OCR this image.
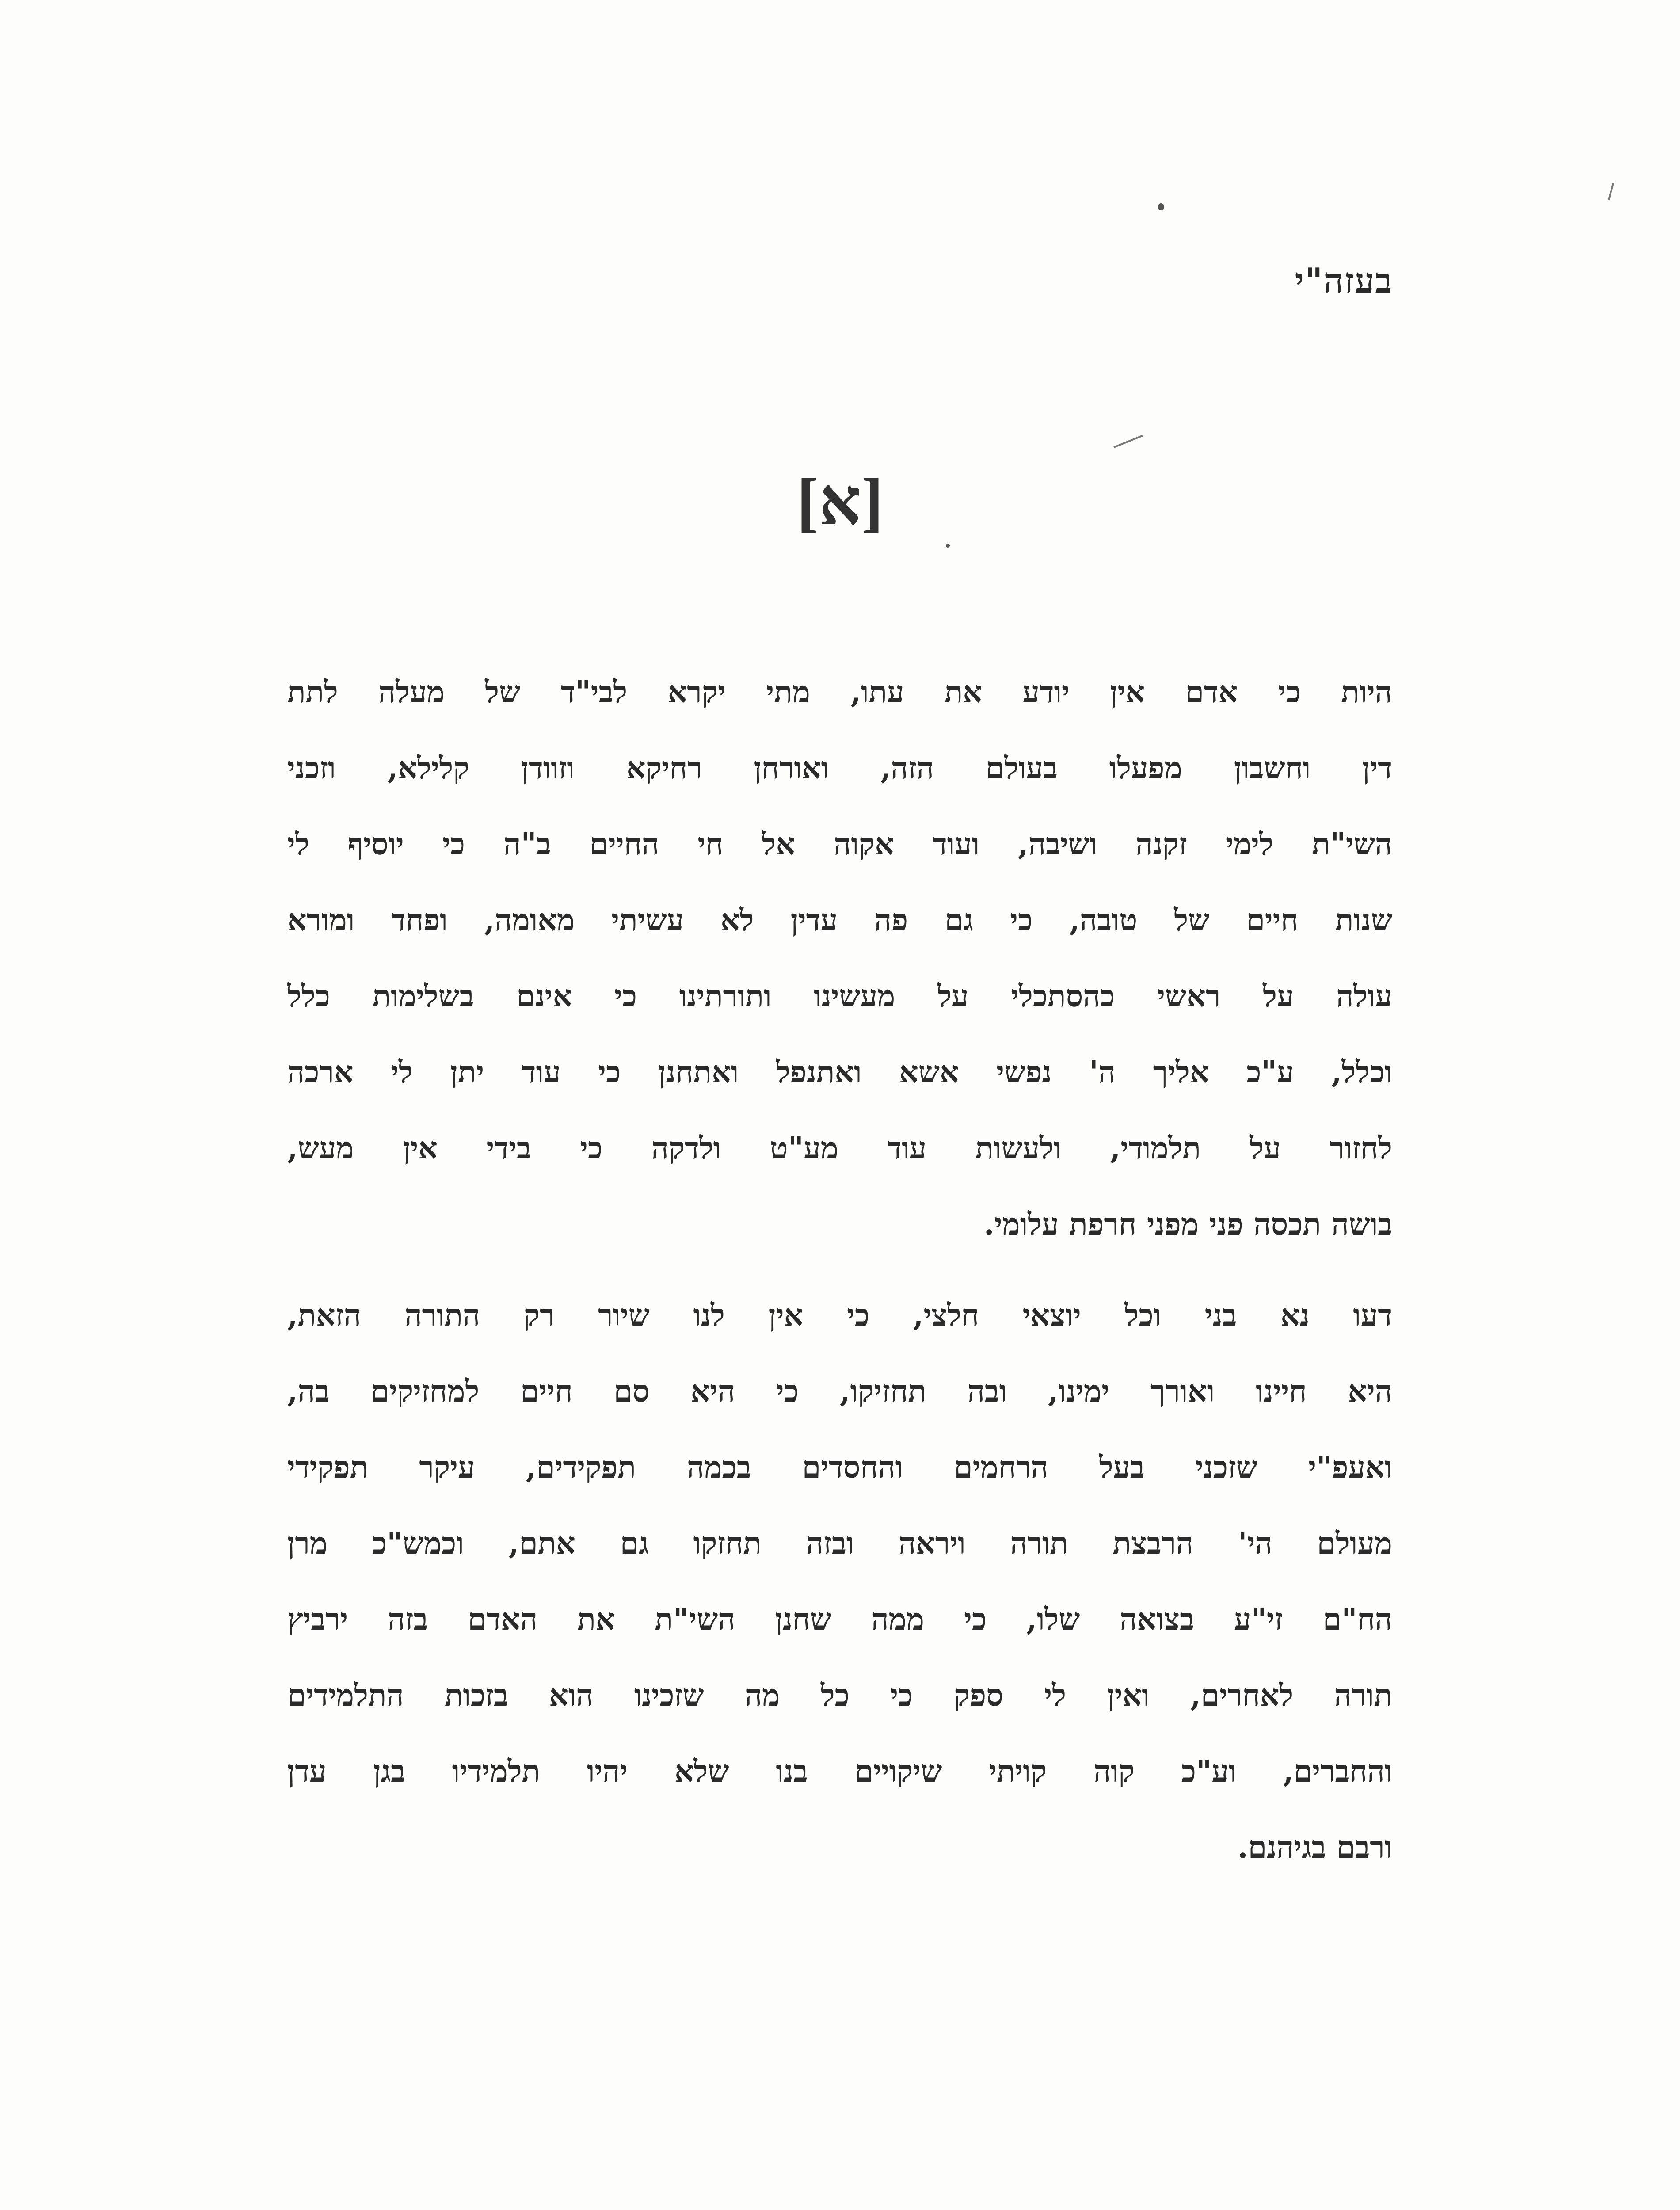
בעזה"י
[א]
היות כי אדם אין יודע את עתו, מתי יקרא לבי"ד של מעלה לתת
דין וחשבון מפעלו בעולם הזה, ואורחן רחיקא וזוודן קלילא, וזכני
השי"ת לימי זקנה ושיבה, ועוד אקוה אל חי החיים ב"ה כי יוסיף לי
שנות חיים של טובה, כי גם פה עדין לא עשיתי מאומה, ופחד ומורא
עולה על ראשי כהסתכלי על מעשינו ותורתינו כי אינם בשלימות כלל
וכלל, ע"כ אליך ה' נפשי אשא ואתנפל ואתחנן כי עוד יתן לי ארכה
לחזור על תלמודי, ולעשות עוד מע"ט ולדקה כי בידי אין מעש,
בושה תכסה פני מפני חרפת עלומי.
דעו נא בני וכל יוצאי חלצי, כי אין לנו שיור רק התורה הזאת,
היא חיינו ואורך ימינו, ובה תחזיקו, כי היא סם חיים למחזיקים בה,
ואעפ"י שזכני בעל הרחמים והחסדים בכמה תפקידים, עיקר תפקידי
מעולם הי' הרבצת תורה ויראה ובזה תחזקו גם אתם, וכמש"כ מרן
הח"ם זי"ע בצואה שלו, כי ממה שחנן השי"ת את האדם בזה ירביץ
תורה לאחרים, ואין לי ספק כי כל מה שזכינו הוא בזכות התלמידים
והחברים, וע"כ קוה קויתי שיקויים בנו שלא יהיו תלמידיו בגן עדן
ורבם בגיהנם.
